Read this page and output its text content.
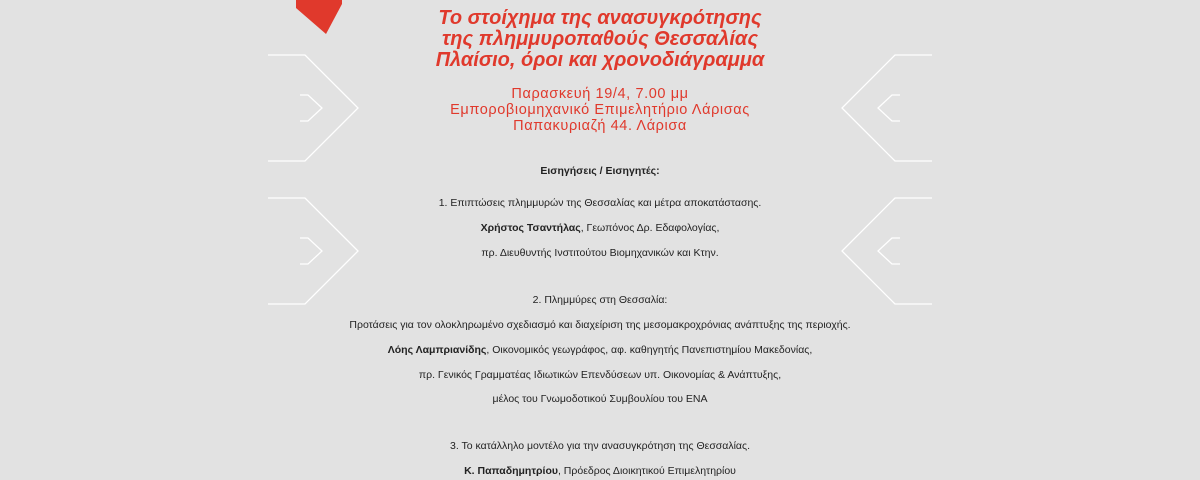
Το στοίχημα της ανασυγκρότησης
της πλημμυροπαθούς Θεσσαλίας
Πλαίσιο, όροι και χρονοδιάγραμμα
Παρασκευή 19/4, 7.00 μμ
Εμποροβιομηχανικό Επιμελητήριο Λάρισας
Παπακυριαζή 44. Λάρισα
Εισηγήσεις / Εισηγητές:
1. Επιπτώσεις πλημμυρών της Θεσσαλίας και μέτρα αποκατάστασης.
Χρήστος Τσαντήλας, Γεωπόνος Δρ. Εδαφολογίας,
πρ. Διευθυντής Ινστιτούτου Βιομηχανικών και Κτην.
2. Πλημμύρες στη Θεσσαλία:
Προτάσεις για τον ολοκληρωμένο σχεδιασμό και διαχείριση της μεσομακροχρόνιας ανάπτυξης της περιοχής.
Λόης Λαμπριανίδης, Οικονομικός γεωγράφος, αφ. καθηγητής Πανεπιστημίου Μακεδονίας,
πρ. Γενικός Γραμματέας Ιδιωτικών Επενδύσεων υπ. Οικονομίας & Ανάπτυξης,
μέλος του Γνωμοδοτικού Συμβουλίου του ΕΝΑ
3. Το κατάλληλο μοντέλο για την ανασυγκρότηση της Θεσσαλίας.
Κ. Παπαδημητρίου, Πρόεδρος Διοικητικού Επιμελητηρίου
